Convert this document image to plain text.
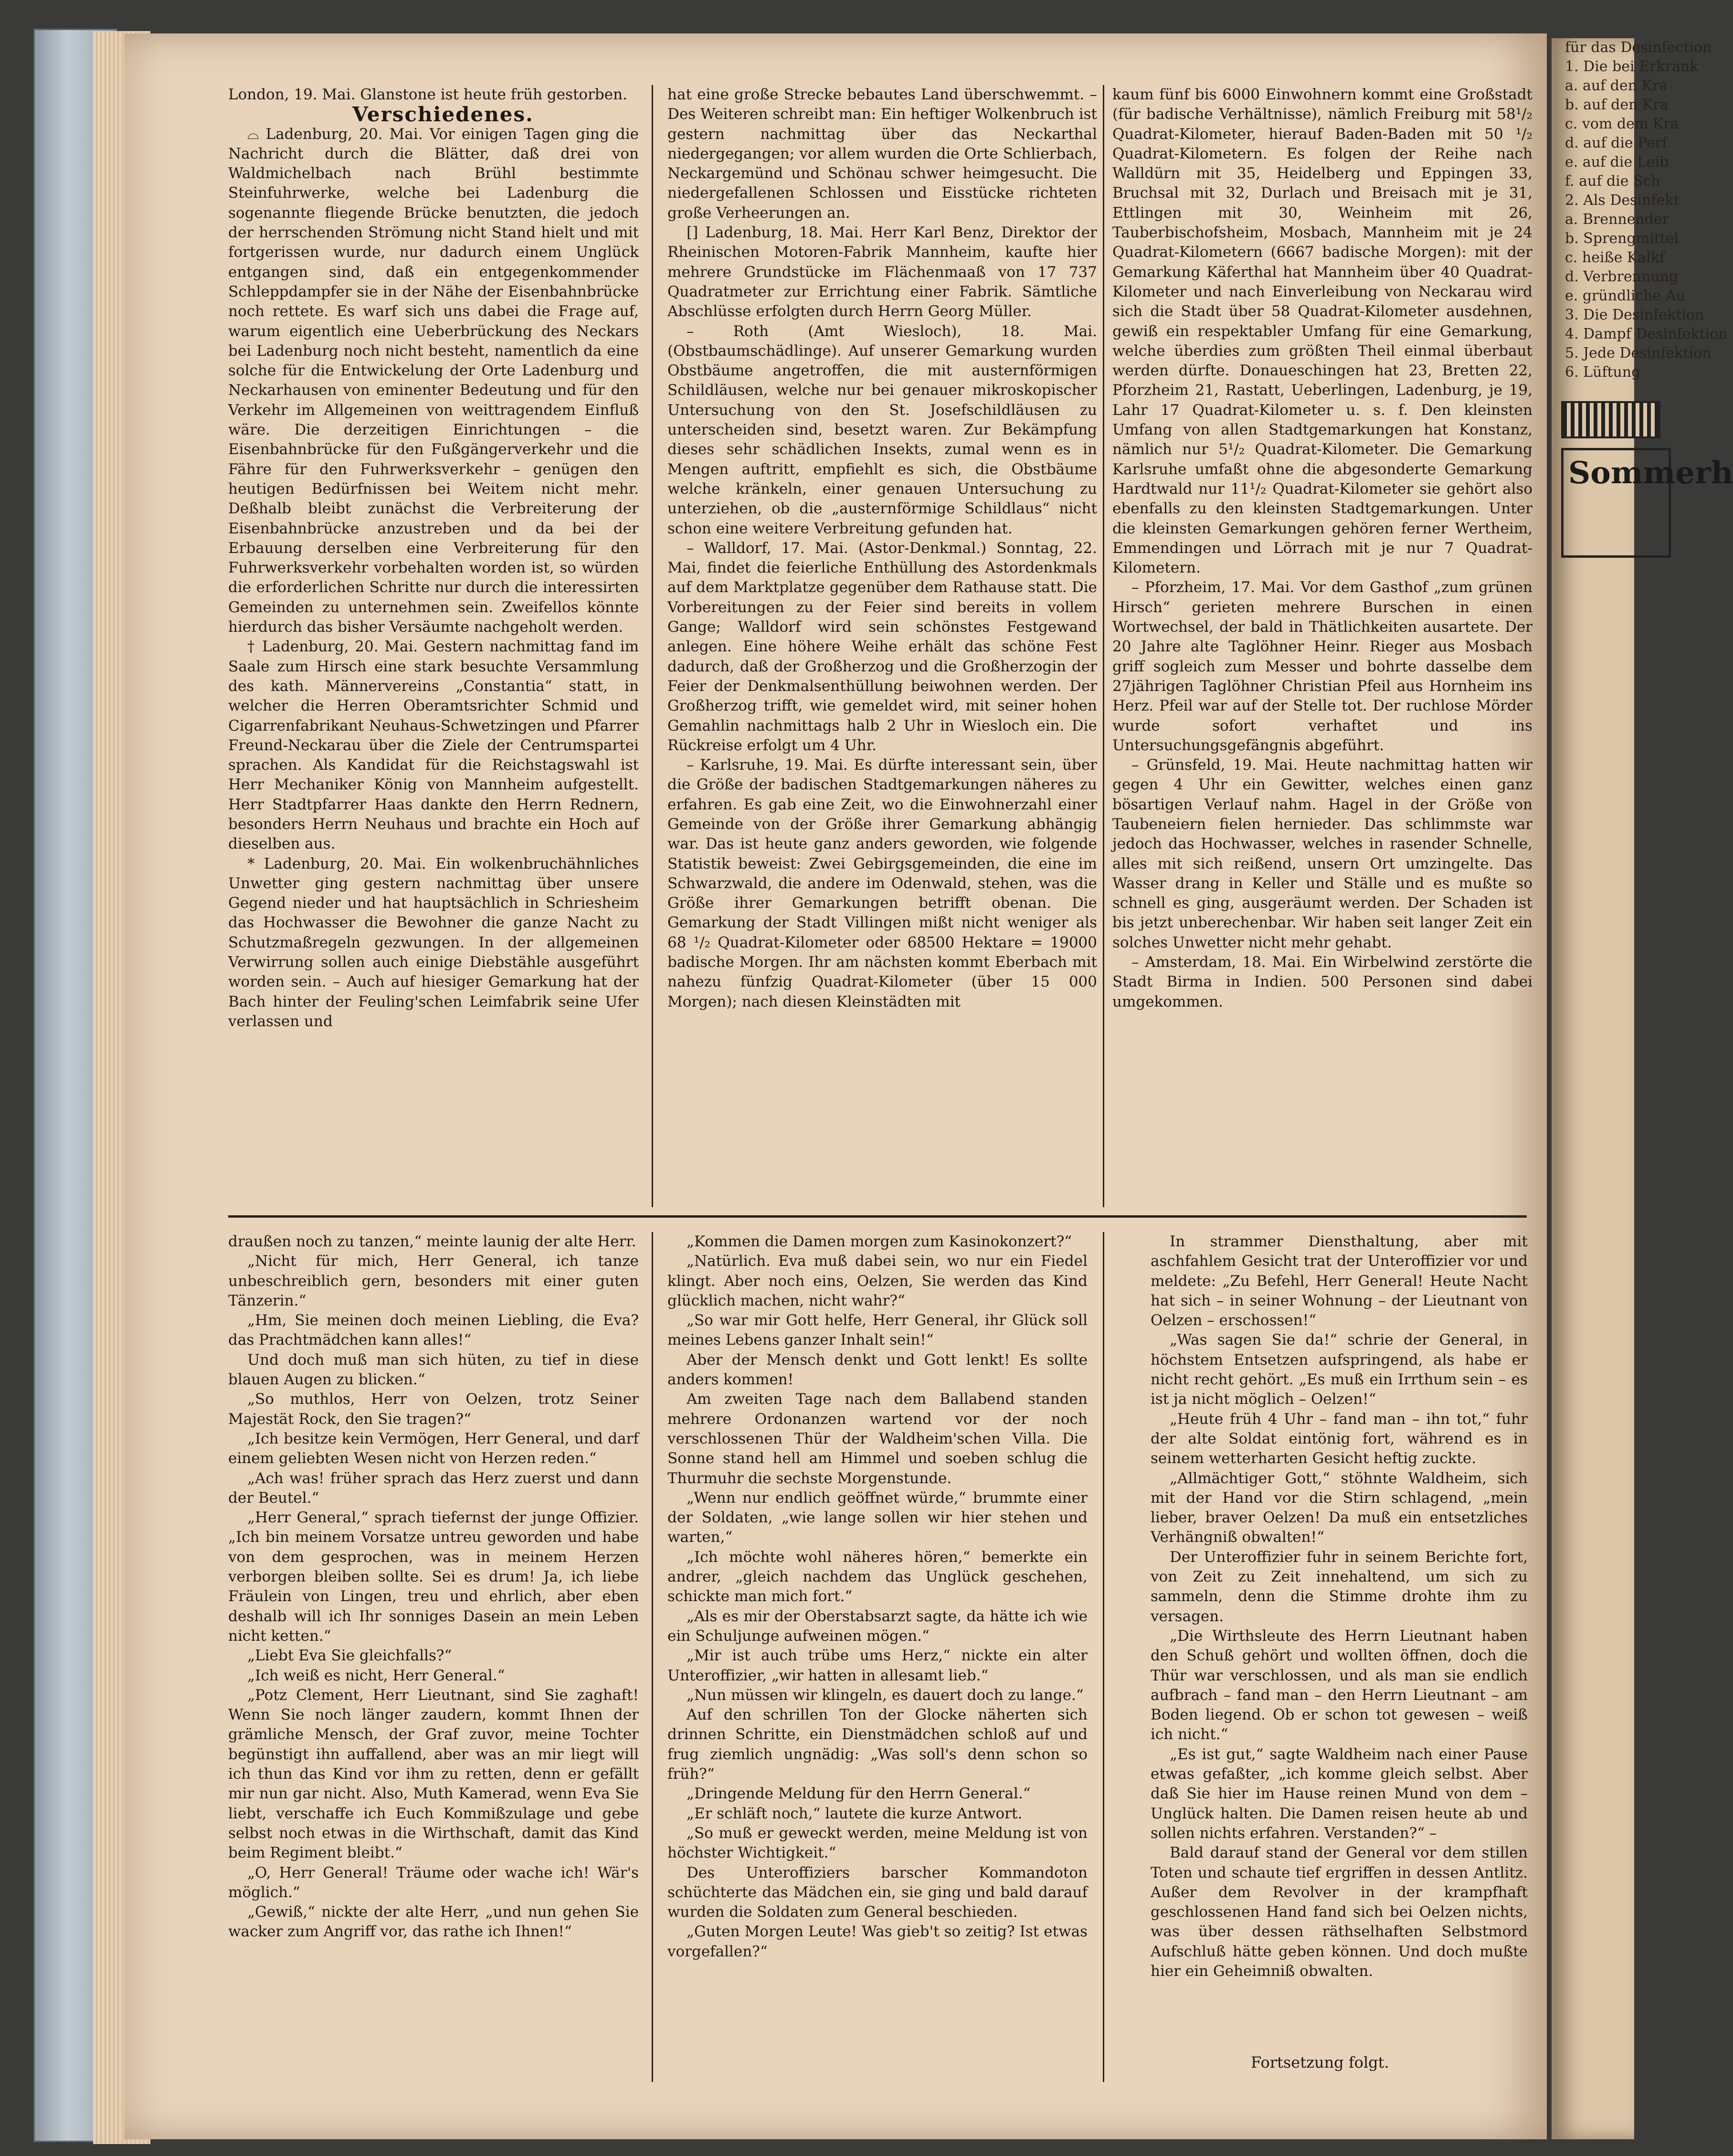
für das Desinfection
1. Die bei Erkrank
a. auf den Kra
b. auf den Kra
c. vom dem Kra
d. auf die Perf
e. auf die Leib
f. auf die Sch
2. Als Desinfekt
a. Brennender
b. Sprengmittel
c. heiße Kalkf
d. Verbrennung
e. gründliche Au
3. Die Desinfektion
4. Dampf Desinfektion
5. Jede Desinfektion
6. Lüftung
Sommerh

London, 19. Mai. Glanstone ist heute früh gestorben.

Verschiedenes.

⌓ Ladenburg, 20. Mai. Vor einigen Tagen ging die Nachricht durch die Blätter, daß drei von Waldmichelbach nach Brühl bestimmte Steinfuhrwerke, welche bei Ladenburg die sogenannte fliegende Brücke benutzten, die jedoch der herrschenden Strömung nicht Stand hielt und mit fortgerissen wurde, nur dadurch einem Unglück entgangen sind, daß ein entgegenkommender Schleppdampfer sie in der Nähe der Eisenbahnbrücke noch rettete. Es warf sich uns dabei die Frage auf, warum eigentlich eine Ueberbrückung des Neckars bei Ladenburg noch nicht besteht, namentlich da eine solche für die Entwickelung der Orte Ladenburg und Neckarhausen von eminenter Bedeutung und für den Verkehr im Allgemeinen von weittragendem Einfluß wäre. Die derzeitigen Einrichtungen – die Eisenbahnbrücke für den Fußgängerverkehr und die Fähre für den Fuhrwerksverkehr – genügen den heutigen Bedürfnissen bei Weitem nicht mehr. Deßhalb bleibt zunächst die Verbreiterung der Eisenbahnbrücke anzustreben und da bei der Erbauung derselben eine Verbreiterung für den Fuhrwerksverkehr vorbehalten worden ist, so würden die erforderlichen Schritte nur durch die interessirten Gemeinden zu unternehmen sein. Zweifellos könnte hierdurch das bisher Versäumte nachgeholt werden.

† Ladenburg, 20. Mai. Gestern nachmittag fand im Saale zum Hirsch eine stark besuchte Versammlung des kath. Männervereins „Constantia“ statt, in welcher die Herren Oberamtsrichter Schmid und Cigarrenfabrikant Neuhaus-Schwetzingen und Pfarrer Freund-Neckarau über die Ziele der Centrumspartei sprachen. Als Kandidat für die Reichstagswahl ist Herr Mechaniker König von Mannheim aufgestellt. Herr Stadtpfarrer Haas dankte den Herrn Rednern, besonders Herrn Neuhaus und brachte ein Hoch auf dieselben aus.

* Ladenburg, 20. Mai. Ein wolkenbruchähnliches Unwetter ging gestern nachmittag über unsere Gegend nieder und hat hauptsächlich in Schriesheim das Hochwasser die Bewohner die ganze Nacht zu Schutzmaßregeln gezwungen. In der allgemeinen Verwirrung sollen auch einige Diebstähle ausgeführt worden sein. – Auch auf hiesiger Gemarkung hat der Bach hinter der Feuling'schen Leimfabrik seine Ufer verlassen und

hat eine große Strecke bebautes Land überschwemmt. – Des Weiteren schreibt man: Ein heftiger Wolkenbruch ist gestern nachmittag über das Neckarthal niedergegangen; vor allem wurden die Orte Schlierbach, Neckargemünd und Schönau schwer heimgesucht. Die niedergefallenen Schlossen und Eisstücke richteten große Verheerungen an.

[] Ladenburg, 18. Mai. Herr Karl Benz, Direktor der Rheinischen Motoren-Fabrik Mannheim, kaufte hier mehrere Grundstücke im Flächenmaaß von 17 737 Quadratmeter zur Errichtung einer Fabrik. Sämtliche Abschlüsse erfolgten durch Herrn Georg Müller.

– Roth (Amt Wiesloch), 18. Mai. (Obstbaumschädlinge). Auf unserer Gemarkung wurden Obstbäume angetroffen, die mit austernförmigen Schildläusen, welche nur bei genauer mikroskopischer Untersuchung von den St. Josefschildläusen zu unterscheiden sind, besetzt waren. Zur Bekämpfung dieses sehr schädlichen Insekts, zumal wenn es in Mengen auftritt, empfiehlt es sich, die Obstbäume welche kränkeln, einer genauen Untersuchung zu unterziehen, ob die „austernförmige Schildlaus“ nicht schon eine weitere Verbreitung gefunden hat.

– Walldorf, 17. Mai. (Astor-Denkmal.) Sonntag, 22. Mai, findet die feierliche Enthüllung des Astordenkmals auf dem Marktplatze gegenüber dem Rathause statt. Die Vorbereitungen zu der Feier sind bereits in vollem Gange; Walldorf wird sein schönstes Festgewand anlegen. Eine höhere Weihe erhält das schöne Fest dadurch, daß der Großherzog und die Großherzogin der Feier der Denkmalsenthüllung beiwohnen werden. Der Großherzog trifft, wie gemeldet wird, mit seiner hohen Gemahlin nachmittags halb 2 Uhr in Wiesloch ein. Die Rückreise erfolgt um 4 Uhr.

– Karlsruhe, 19. Mai. Es dürfte interessant sein, über die Größe der badischen Stadtgemarkungen näheres zu erfahren. Es gab eine Zeit, wo die Einwohnerzahl einer Gemeinde von der Größe ihrer Gemarkung abhängig war. Das ist heute ganz anders geworden, wie folgende Statistik beweist: Zwei Gebirgsgemeinden, die eine im Schwarzwald, die andere im Odenwald, stehen, was die Größe ihrer Gemarkungen betrifft obenan. Die Gemarkung der Stadt Villingen mißt nicht weniger als 68 ¹/₂ Quadrat-Kilometer oder 68500 Hektare = 19000 badische Morgen. Ihr am nächsten kommt Eberbach mit nahezu fünfzig Quadrat-Kilometer (über 15 000 Morgen); nach diesen Kleinstädten mit

kaum fünf bis 6000 Einwohnern kommt eine Großstadt (für badische Verhältnisse), nämlich Freiburg mit 58¹/₂ Quadrat-Kilometer, hierauf Baden-Baden mit 50 ¹/₂ Quadrat-Kilometern. Es folgen der Reihe nach Walldürn mit 35, Heidelberg und Eppingen 33, Bruchsal mit 32, Durlach und Breisach mit je 31, Ettlingen mit 30, Weinheim mit 26, Tauberbischofsheim, Mosbach, Mannheim mit je 24 Quadrat-Kilometern (6667 badische Morgen): mit der Gemarkung Käferthal hat Mannheim über 40 Quadrat-Kilometer und nach Einverleibung von Neckarau wird sich die Stadt über 58 Quadrat-Kilometer ausdehnen, gewiß ein respektabler Umfang für eine Gemarkung, welche überdies zum größten Theil einmal überbaut werden dürfte. Donaueschingen hat 23, Bretten 22, Pforzheim 21, Rastatt, Ueberlingen, Ladenburg, je 19, Lahr 17 Quadrat-Kilometer u. s. f. Den kleinsten Umfang von allen Stadtgemarkungen hat Konstanz, nämlich nur 5¹/₂ Quadrat-Kilometer. Die Gemarkung Karlsruhe umfaßt ohne die abgesonderte Gemarkung Hardtwald nur 11¹/₂ Quadrat-Kilometer sie gehört also ebenfalls zu den kleinsten Stadtgemarkungen. Unter die kleinsten Gemarkungen gehören ferner Wertheim, Emmendingen und Lörrach mit je nur 7 Quadrat-Kilometern.

– Pforzheim, 17. Mai. Vor dem Gasthof „zum grünen Hirsch“ gerieten mehrere Burschen in einen Wortwechsel, der bald in Thätlichkeiten ausartete. Der 20 Jahre alte Taglöhner Heinr. Rieger aus Mosbach griff sogleich zum Messer und bohrte dasselbe dem 27jährigen Taglöhner Christian Pfeil aus Hornheim ins Herz. Pfeil war auf der Stelle tot. Der ruchlose Mörder wurde sofort verhaftet und ins Untersuchungsgefängnis abgeführt.

– Grünsfeld, 19. Mai. Heute nachmittag hatten wir gegen 4 Uhr ein Gewitter, welches einen ganz bösartigen Verlauf nahm. Hagel in der Größe von Taubeneiern fielen hernieder. Das schlimmste war jedoch das Hochwasser, welches in rasender Schnelle, alles mit sich reißend, unsern Ort umzingelte. Das Wasser drang in Keller und Ställe und es mußte so schnell es ging, ausgeräumt werden. Der Schaden ist bis jetzt unberechenbar. Wir haben seit langer Zeit ein solches Unwetter nicht mehr gehabt.

– Amsterdam, 18. Mai. Ein Wirbelwind zerstörte die Stadt Birma in Indien. 500 Personen sind dabei umgekommen.

draußen noch zu tanzen,“ meinte launig der alte Herr.

„Nicht für mich, Herr General, ich tanze unbeschreiblich gern, besonders mit einer guten Tänzerin.“

„Hm, Sie meinen doch meinen Liebling, die Eva? das Prachtmädchen kann alles!“

Und doch muß man sich hüten, zu tief in diese blauen Augen zu blicken.“

„So muthlos, Herr von Oelzen, trotz Seiner Majestät Rock, den Sie tragen?“

„Ich besitze kein Vermögen, Herr General, und darf einem geliebten Wesen nicht von Herzen reden.“

„Ach was! früher sprach das Herz zuerst und dann der Beutel.“

„Herr General,“ sprach tiefernst der junge Offizier. „Ich bin meinem Vorsatze untreu geworden und habe von dem gesprochen, was in meinem Herzen verborgen bleiben sollte. Sei es drum! Ja, ich liebe Fräulein von Lingen, treu und ehrlich, aber eben deshalb will ich Ihr sonniges Dasein an mein Leben nicht ketten.“

„Liebt Eva Sie gleichfalls?“

„Ich weiß es nicht, Herr General.“

„Potz Clement, Herr Lieutnant, sind Sie zaghaft! Wenn Sie noch länger zaudern, kommt Ihnen der grämliche Mensch, der Graf zuvor, meine Tochter begünstigt ihn auffallend, aber was an mir liegt will ich thun das Kind vor ihm zu retten, denn er gefällt mir nun gar nicht. Also, Muth Kamerad, wenn Eva Sie liebt, verschaffe ich Euch Kommißzulage und gebe selbst noch etwas in die Wirthschaft, damit das Kind beim Regiment bleibt.“

„O, Herr General! Träume oder wache ich! Wär's möglich.“

„Gewiß,“ nickte der alte Herr, „und nun gehen Sie wacker zum Angriff vor, das rathe ich Ihnen!“

„Kommen die Damen morgen zum Kasinokonzert?“

„Natürlich. Eva muß dabei sein, wo nur ein Fiedel klingt. Aber noch eins, Oelzen, Sie werden das Kind glücklich machen, nicht wahr?“

„So war mir Gott helfe, Herr General, ihr Glück soll meines Lebens ganzer Inhalt sein!“

Aber der Mensch denkt und Gott lenkt! Es sollte anders kommen!

Am zweiten Tage nach dem Ballabend standen mehrere Ordonanzen wartend vor der noch verschlossenen Thür der Waldheim'schen Villa. Die Sonne stand hell am Himmel und soeben schlug die Thurmuhr die sechste Morgenstunde.

„Wenn nur endlich geöffnet würde,“ brummte einer der Soldaten, „wie lange sollen wir hier stehen und warten,“

„Ich möchte wohl näheres hören,“ bemerkte ein andrer, „gleich nachdem das Unglück geschehen, schickte man mich fort.“

„Als es mir der Oberstabsarzt sagte, da hätte ich wie ein Schuljunge aufweinen mögen.“

„Mir ist auch trübe ums Herz,“ nickte ein alter Unteroffizier, „wir hatten in allesamt lieb.“

„Nun müssen wir klingeln, es dauert doch zu lange.“

Auf den schrillen Ton der Glocke näherten sich drinnen Schritte, ein Dienstmädchen schloß auf und frug ziemlich ungnädig: „Was soll's denn schon so früh?“

„Dringende Meldung für den Herrn General.“

„Er schläft noch,“ lautete die kurze Antwort.

„So muß er geweckt werden, meine Meldung ist von höchster Wichtigkeit.“

Des Unteroffiziers barscher Kommandoton schüchterte das Mädchen ein, sie ging und bald darauf wurden die Soldaten zum General beschieden.

„Guten Morgen Leute! Was gieb't so zeitig? Ist etwas vorgefallen?“

In strammer Diensthaltung, aber mit aschfahlem Gesicht trat der Unteroffizier vor und meldete: „Zu Befehl, Herr General! Heute Nacht hat sich – in seiner Wohnung – der Lieutnant von Oelzen – erschossen!“

„Was sagen Sie da!“ schrie der General, in höchstem Entsetzen aufspringend, als habe er nicht recht gehört. „Es muß ein Irrthum sein – es ist ja nicht möglich – Oelzen!“

„Heute früh 4 Uhr – fand man – ihn tot,“ fuhr der alte Soldat eintönig fort, während es in seinem wetterharten Gesicht heftig zuckte.

„Allmächtiger Gott,“ stöhnte Waldheim, sich mit der Hand vor die Stirn schlagend, „mein lieber, braver Oelzen! Da muß ein entsetzliches Verhängniß obwalten!“

Der Unteroffizier fuhr in seinem Berichte fort, von Zeit zu Zeit innehaltend, um sich zu sammeln, denn die Stimme drohte ihm zu versagen.

„Die Wirthsleute des Herrn Lieutnant haben den Schuß gehört und wollten öffnen, doch die Thür war verschlossen, und als man sie endlich aufbrach – fand man – den Herrn Lieutnant – am Boden liegend. Ob er schon tot gewesen – weiß ich nicht.“

„Es ist gut,“ sagte Waldheim nach einer Pause etwas gefaßter, „ich komme gleich selbst. Aber daß Sie hier im Hause reinen Mund von dem – Unglück halten. Die Damen reisen heute ab und sollen nichts erfahren. Verstanden?“ –

Bald darauf stand der General vor dem stillen Toten und schaute tief ergriffen in dessen Antlitz. Außer dem Revolver in der krampfhaft geschlossenen Hand fand sich bei Oelzen nichts, was über dessen räthselhaften Selbstmord Aufschluß hätte geben können. Und doch mußte hier ein Geheimniß obwalten.

Fortsetzung folgt.
